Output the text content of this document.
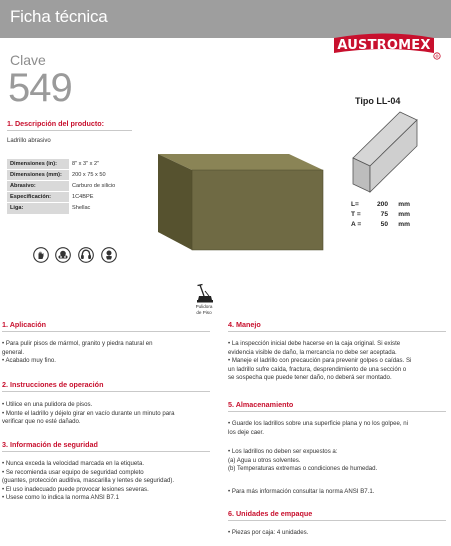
Ficha técnica
AUSTROMEX
®
Clave
549	Tipo LL-04
1. Descripción del producto:
Ladrillo abrasivo
Dimensiones (in):	8" x 3" x 2"
Dimensiones (mm):	200 x 75 x 50
Abrasivo:	Carburo de silicio
Especificación:	1C4BPE
Liga:	Shellac
L=	200 mm
T =	75 mm
A =	50 mm
Pulidora
de Piso
1. Aplicación
• Para pulir pisos de mármol, granito y piedra natural en
general.
• Acabado muy fino.
2. Instrucciones de operación
• Utilice en una pulidora de pisos.
• Monte el ladrillo y déjelo girar en vacío durante un minuto para
verificar que no esté dañado.
3. Información de seguridad
• Nunca exceda la velocidad marcada en la etiqueta.
• Se recomienda usar equipo de seguridad completo
(guantes, protección auditiva, mascarilla y lentes de seguridad).
• El uso inadecuado puede provocar lesiones severas.
• Usese como lo indica la norma ANSI B7.1
4. Manejo
• La inspección inicial debe hacerse en la caja original. Si existe
evidencia visible de daño, la mercancía no debe ser aceptada.
• Maneje el ladrillo con precaución para prevenir golpes o caídas. Si
un ladrillo sufre caída, fractura, desprendimiento de una sección o
se sospecha que puede tener daño, no deberá ser montado.
5. Almacenamiento
• Guarde los ladrillos sobre una superficie plana y no los golpee, ni
los deje caer.
• Los ladrillos no deben ser expuestos a:
(a) Agua u otros solventes.
(b) Temperaturas extremas o condiciones de humedad.
• Para más información consultar la norma ANSI B7.1.
6. Unidades de empaque
• Piezas por caja: 4 unidades.
